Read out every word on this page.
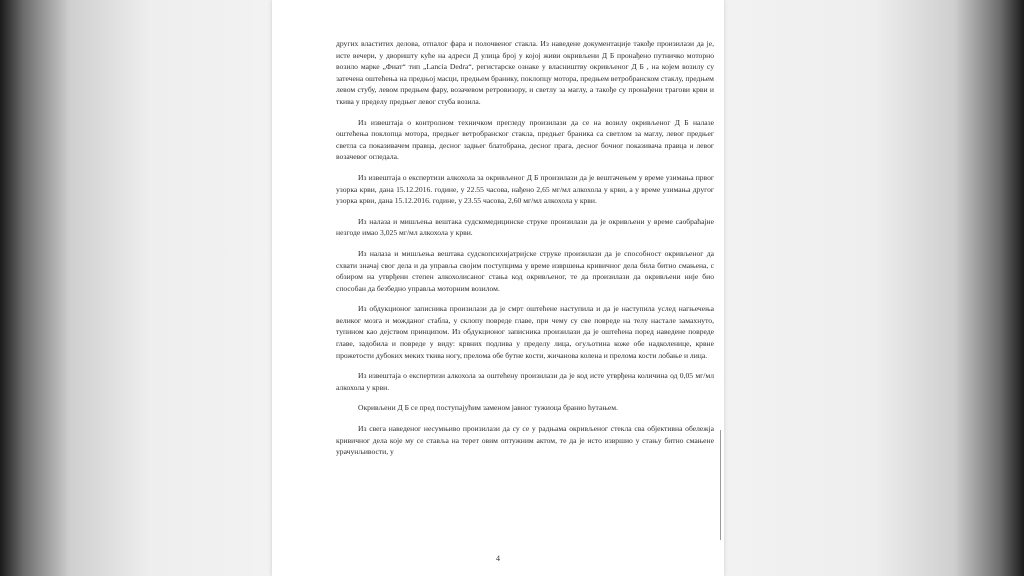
других властитих делова, отпалог фара и полочвеног стакла. Из наведене документације такође произилази да је, исте вечери, у дворишту куће на адреси Д улица број у којој живи окривљени Д Б пронађено путничко моторно возило марке „Фиат“ тип „Lancia Dedra“, регистарске ознаке у власништву окривљеног Д Б , на којем возилу су затечена оштећења на предњој масци, предњем бранику, поклопцу мотора, предњем ветробранском стаклу, предњем левом стубу, левом предњем фару, возачевом ретровизору, и светлу за маглу, а такође су пронађени трагови крви и ткива у пределу предњег левог стуба возила.

Из извештаја о контролном техничком прегледу произилази да се на возилу окривљеног Д Б налазе оштећења поклопца мотора, предњег ветробранског стакла, предњег браника са светлом за маглу, левог предњег светла са показивачем правца, десног задњег блатобрана, десног прага, десног бочног показивача правца и левог возачевог огледала.

Из извештаја о експертизи алкохола за окривљеног Д Б произилази да је вештачењем у време узимања првог узорка крви, дана 15.12.2016. године, у 22.55 часова, нађено 2,65 мг/мл алкохола у крви, а у време узимања другог узорка крви, дана 15.12.2016. године, у 23.55 часова, 2,60 мг/мл алкохола у крви.

Из налаза и мишљења вештака судскомедицинске струке произилази да је окривљени у време саобраћајне незгоде имао 3,025 мг/мл алкохола у крви.

Из налаза и мишљења вештака судскопсихијатријске струке произилази да је способност окривљеног да схвати значај свог дела и да управља својим поступцима у време извршења кривичног дела била битно смањена, с обзиром на утврђени степен алкохолисаног стања код окривљеног, те да произилази да окривљени није био способан да безбедно управља моторним возилом.

Из обдукционог записника произилази да је смрт оштећене наступила и да је наступила услед нагњечења великог мозга и можданог стабла, у склопу повреде главе, при чему су све повреде на телу настале замахнуто, тупином као дејством принципом. Из обдукционог записника произилази да је оштећена поред наведене повреде главе, задобила и повреде у виду: крвних подлива у пределу лица, огуљотина коже обе надколенице, крвне прожетости дубоких меких ткива ногу, прелома обе бутне кости, жичанова колена и прелома кости лобање и лица.

Из извештаја о експертизи алкохола за оштећену произилази да је код исте утврђена количина од 0,05 мг/мл алкохола у крви.

Окривљени Д Б се пред поступајућим заменом јавног тужиоца бранио ћутањем.

Из свега наведеног несумњиво произилази да су се у радњама окривљеног стекла сва објективна обележја кривичног дела које му се ставља на терет овим оптужним актом, те да је исто извршио у стању битно смањене урачунљивости, у

4
